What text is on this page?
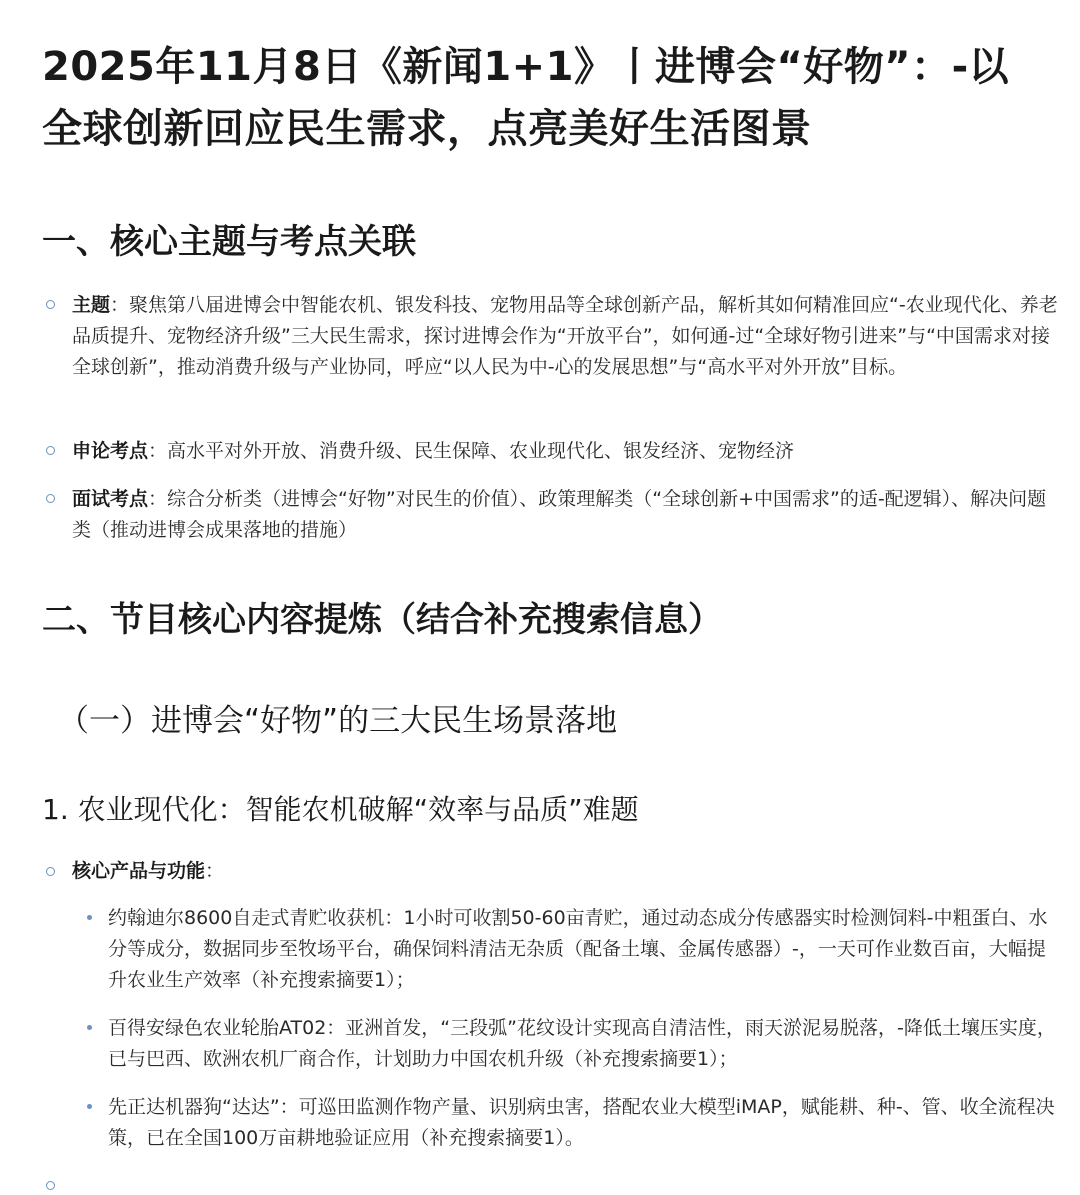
2025年11月8日《新闻1+1》丨进博会“好物”：-以全球创新回应民生需求，点亮美好生活图景
一、核心主题与考点关联
主题：聚焦第八届进博会中智能农机、银发科技、宠物用品等全球创新产品，解析其如何精准回应“-农业现代化、养老品质提升、宠物经济升级”三大民生需求，探讨进博会作为“开放平台”，如何通-过“全球好物引进来”与“中国需求对接全球创新”，推动消费升级与产业协同，呼应“以人民为中-心的发展思想”与“高水平对外开放”目标。
申论考点：高水平对外开放、消费升级、民生保障、农业现代化、银发经济、宠物经济
面试考点：综合分析类（进博会“好物”对民生的价值）、政策理解类（“全球创新+中国需求”的适-配逻辑）、解决问题类（推动进博会成果落地的措施）
二、节目核心内容提炼（结合补充搜索信息）
（一）进博会“好物”的三大民生场景落地
1. 农业现代化：智能农机破解“效率与品质”难题
核心产品与功能：
约翰迪尔8600自走式青贮收获机：1小时可收割50-60亩青贮，通过动态成分传感器实时检测饲料-中粗蛋白、水分等成分，数据同步至牧场平台，确保饲料清洁无杂质（配备土壤、金属传感器）-，一天可作业数百亩，大幅提升农业生产效率（补充搜索摘要1）；
百得安绿色农业轮胎AT02：亚洲首发，“三段弧”花纹设计实现高自清洁性，雨天淤泥易脱落，-降低土壤压实度，已与巴西、欧洲农机厂商合作，计划助力中国农机升级（补充搜索摘要1）；
先正达机器狗“达达”：可巡田监测作物产量、识别病虫害，搭配农业大模型iMAP，赋能耕、种-、管、收全流程决策，已在全国100万亩耕地验证应用（补充搜索摘要1）。
